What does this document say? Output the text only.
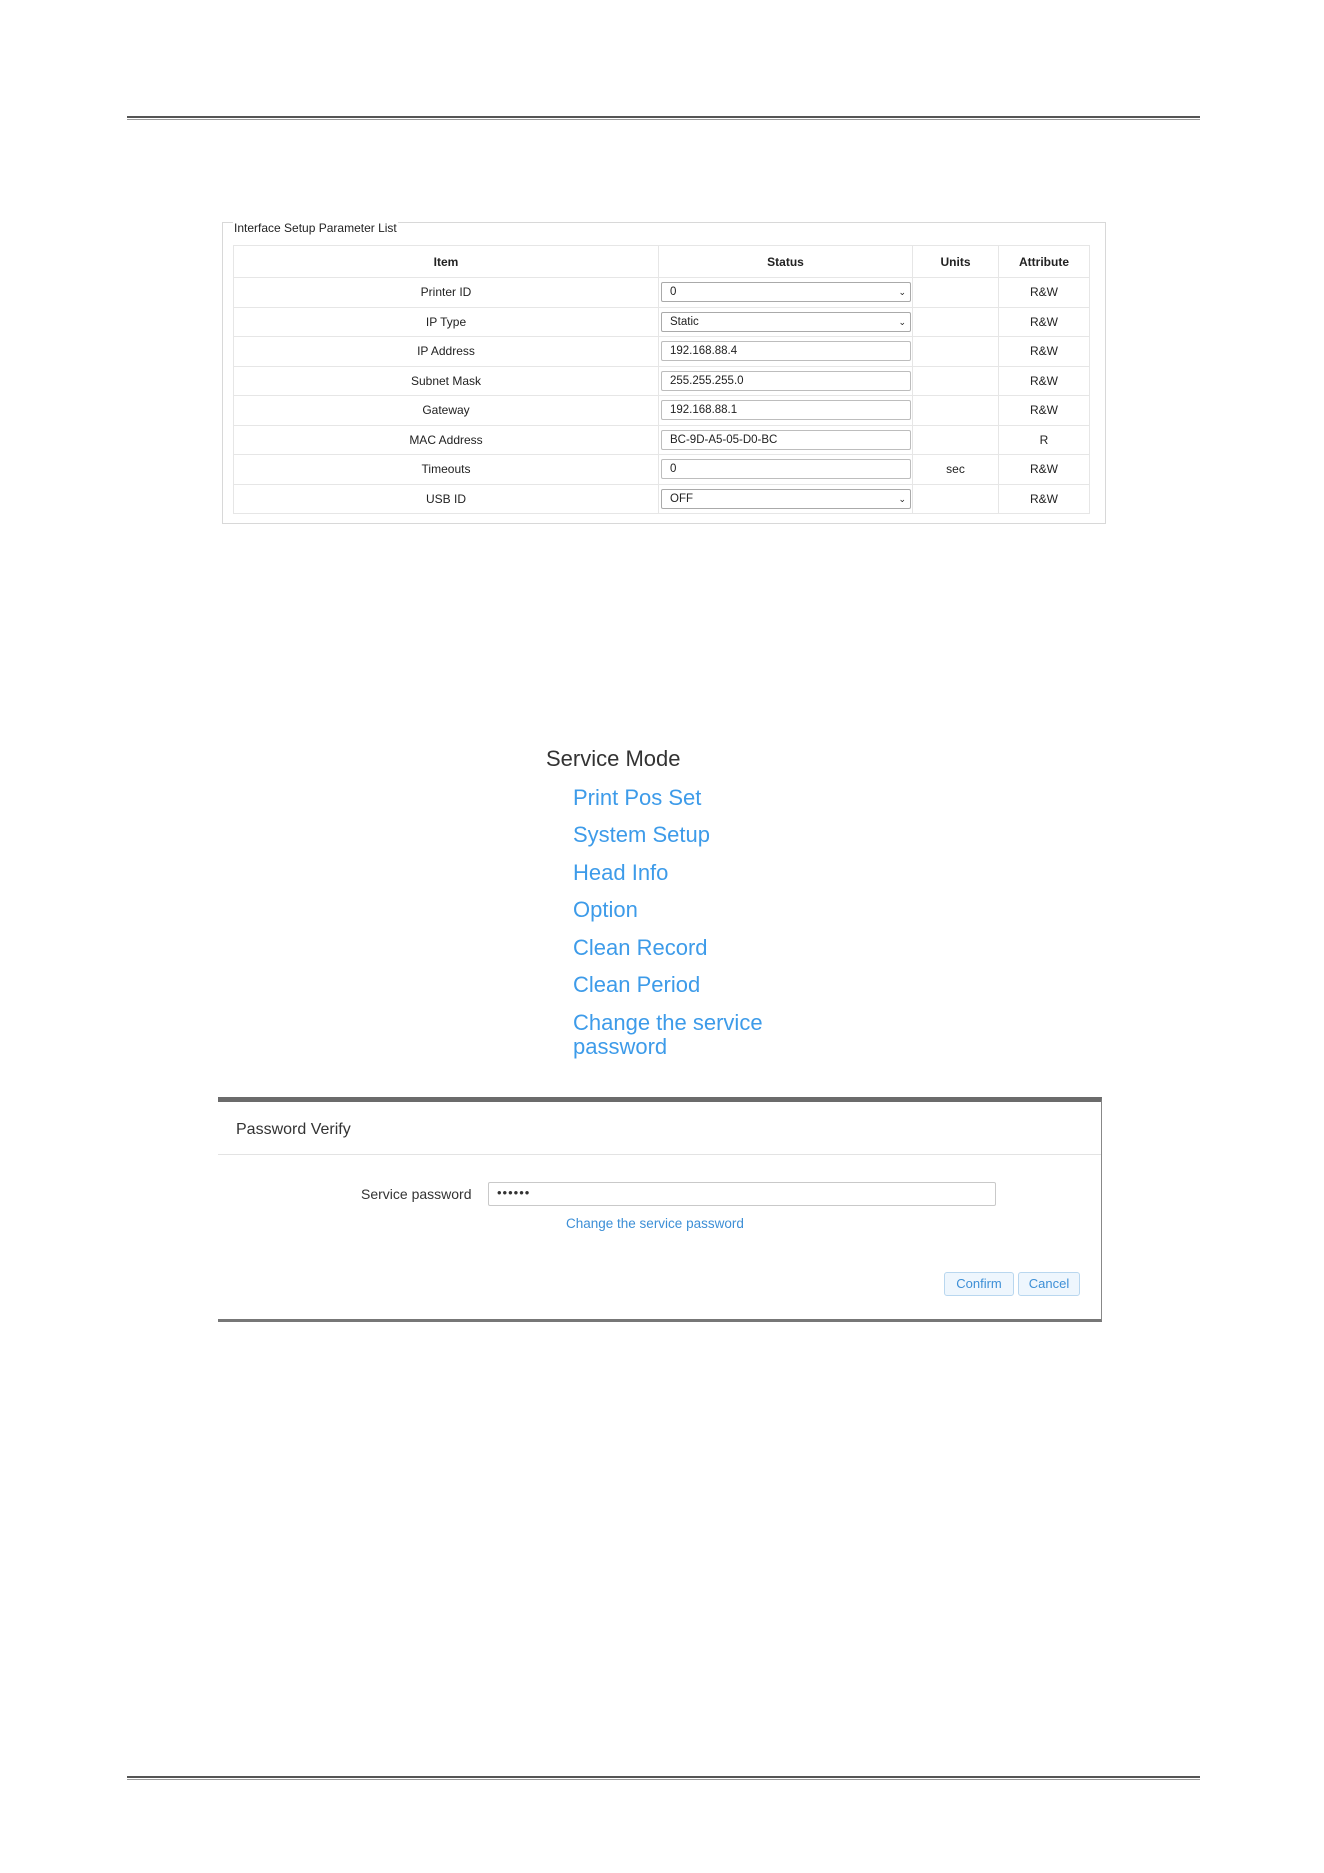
Interface Setup Parameter List
Item	Status	Units	Attribute
Printer ID	0 ⌄		R&W
IP Type	Static ⌄		R&W
IP Address	192.168.88.4		R&W
Subnet Mask	255.255.255.0		R&W
Gateway	192.168.88.1		R&W
MAC Address	BC-9D-A5-05-D0-BC		R
Timeouts	0	sec	R&W
USB ID	OFF ⌄		R&W

Service Mode

Print Pos Set
System Setup
Head Info
Option
Clean Record
Clean Period
Change the service password
Password Verify
Service password	••••••
Change the service password
Confirm	Cancel
